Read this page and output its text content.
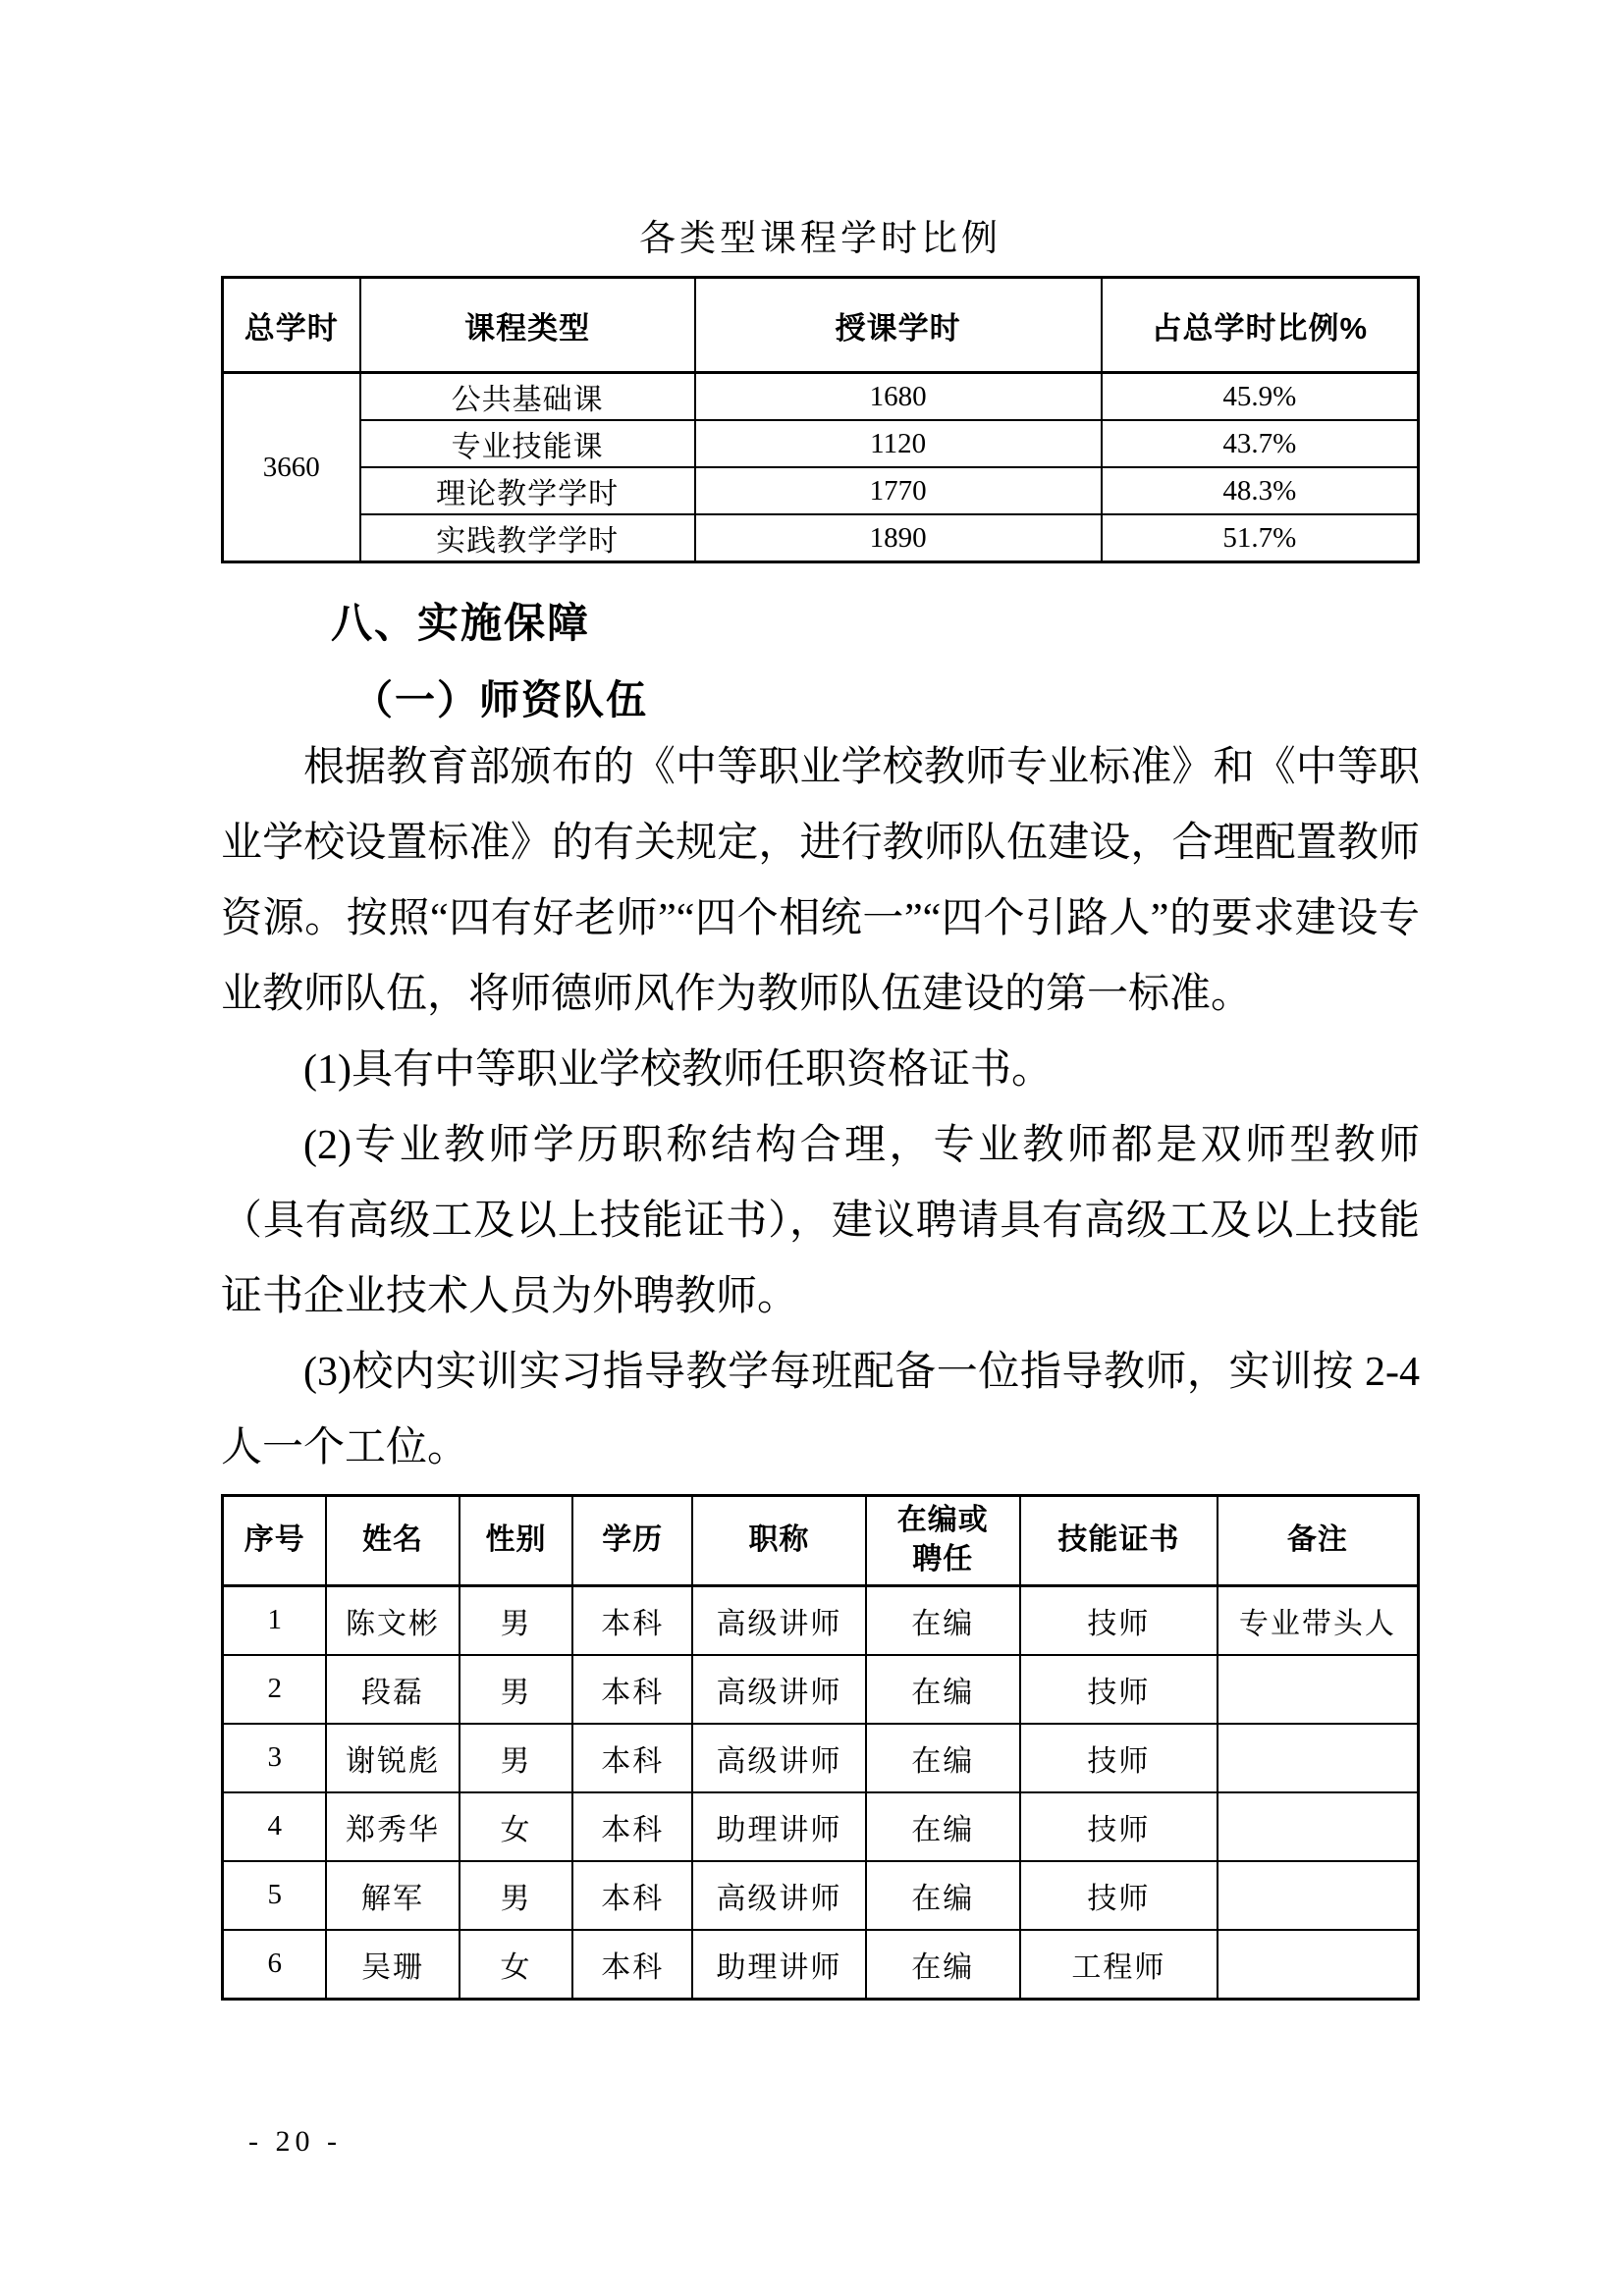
各类型课程学时比例
总学时	课程类型	授课学时	占总学时比例%
3660	公共基础课	1680	45.9%
	专业技能课	1120	43.7%
	理论教学学时	1770	48.3%
	实践教学学时	1890	51.7%
八、实施保障
（一）师资队伍

根据教育部颁布的《中等职业学校教师专业标准》和《中等职业学校设置标准》的有关规定，进行教师队伍建设，合理配置教师资源。按照“四有好老师”“四个相统一”“四个引路人”的要求建设专业教师队伍，将师德师风作为教师队伍建设的第一标准。

(1)具有中等职业学校教师任职资格证书。

(2)专业教师学历职称结构合理，专业教师都是双师型教师（具有高级工及以上技能证书），建议聘请具有高级工及以上技能证书企业技术人员为外聘教师。

(3)校内实训实习指导教学每班配备一位指导教师，实训按 2-4 人一个工位。

序号	姓名	性别	学历	职称	在编或聘任	技能证书	备注
1	陈文彬	男	本科	高级讲师	在编	技师	专业带头人
2	段磊	男	本科	高级讲师	在编	技师	
3	谢锐彪	男	本科	高级讲师	在编	技师	
4	郑秀华	女	本科	助理讲师	在编	技师	
5	解军	男	本科	高级讲师	在编	技师	
6	吴珊	女	本科	助理讲师	在编	工程师	
- 20 -
